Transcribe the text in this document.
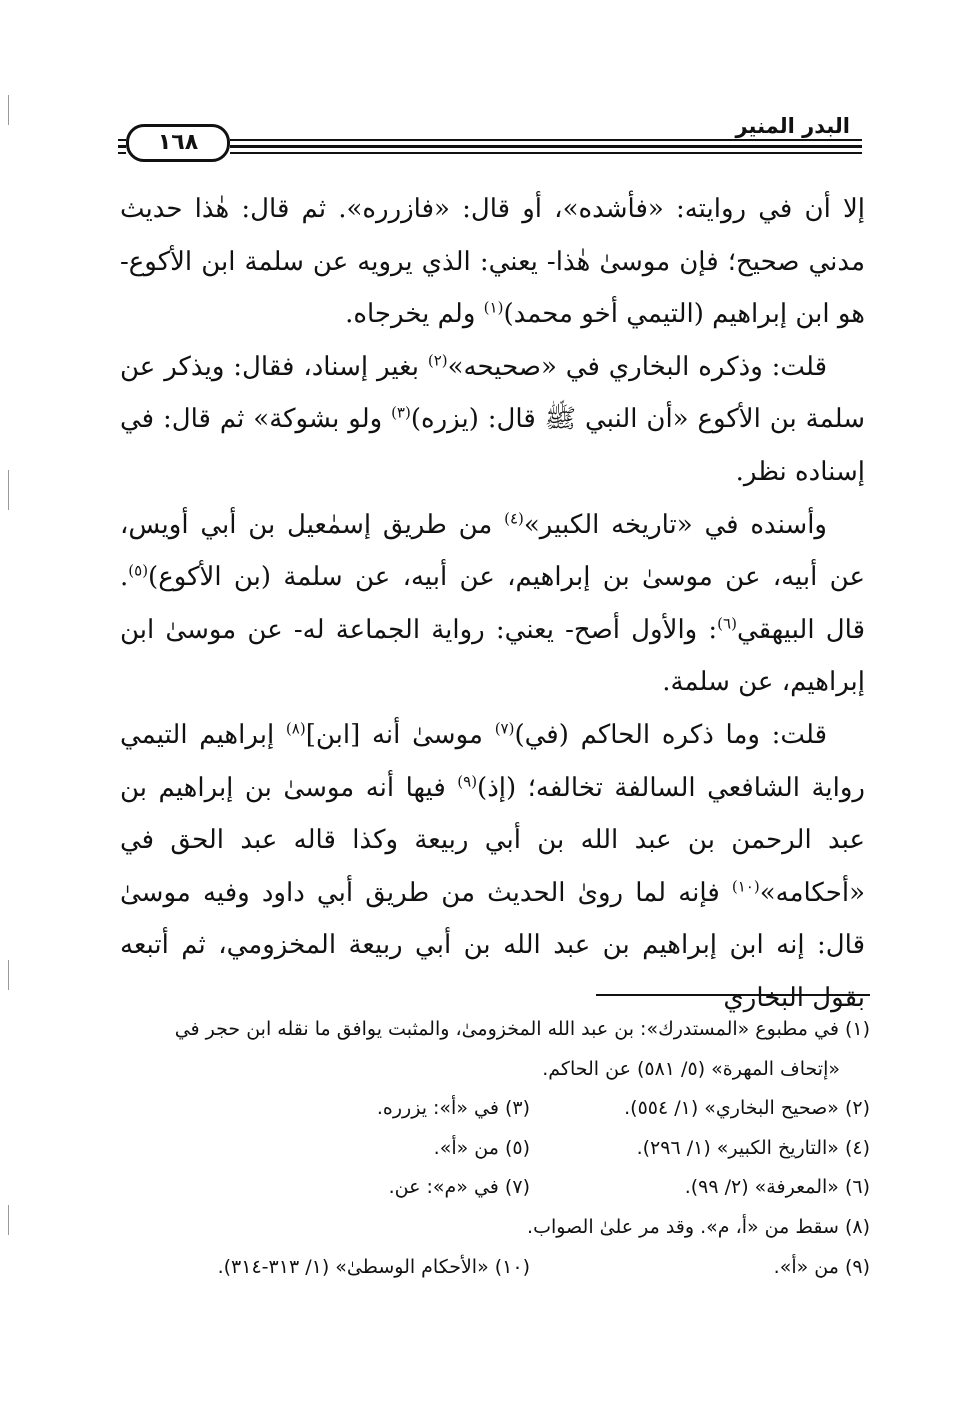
البدر المنير
١٦٨

إلا أن في روايته: «فأشده»، أو قال: «فازرره». ثم قال: هٰذا حديث مدني صحيح؛ فإن موسىٰ هٰذا- يعني: الذي يرويه عن سلمة ابن الأكوع- هو ابن إبراهيم (التيمي أخو محمد)$^{(١)}$ ولم يخرجاه.

قلت: وذكره البخاري في «صحيحه»$^{(٢)}$ بغير إسناد، فقال: ويذكر عن سلمة بن الأكوع «أن النبي ﷺ قال: (يزره)$^{(٣)}$ ولو بشوكة» ثم قال: في إسناده نظر.

وأسنده في «تاريخه الكبير»$^{(٤)}$ من طريق إسمٰعيل بن أبي أويس، عن أبيه، عن موسىٰ بن إبراهيم، عن أبيه، عن سلمة (بن الأكوع)$^{(٥)}$. قال البيهقي$^{(٦)}$: والأول أصح- يعني: رواية الجماعة له- عن موسىٰ ابن إبراهيم، عن سلمة.

قلت: وما ذكره الحاكم (في)$^{(٧)}$ موسىٰ أنه [ابن]$^{(٨)}$ إبراهيم التيمي رواية الشافعي السالفة تخالفه؛ (إذ)$^{(٩)}$ فيها أنه موسىٰ بن إبراهيم بن عبد الرحمن بن عبد الله بن أبي ربيعة وكذا قاله عبد الحق في «أحكامه»$^{(١٠)}$ فإنه لما روىٰ الحديث من طريق أبي داود وفيه موسىٰ قال: إنه ابن إبراهيم بن عبد الله بن أبي ربيعة المخزومي، ثم أتبعه بقول البخاري

(١) في مطبوع «المستدرك»: بن عبد الله المخزومىٰ، والمثبت يوافق ما نقله ابن حجر في
«إتحاف المهرة» (٥/ ٥٨١) عن الحاكم.
(٢) «صحيح البخاري» (١/ ٥٥٤).
(٣) في «أ»: يزرره.
(٤) «التاريخ الكبير» (١/ ٢٩٦).
(٥) من «أ».
(٦) «المعرفة» (٢/ ٩٩).
(٧) في «م»: عن.
(٨) سقط من «أ، م». وقد مر علىٰ الصواب.
(٩) من «أ».
(١٠) «الأحكام الوسطىٰ» (١/ ٣١٣-٣١٤).
